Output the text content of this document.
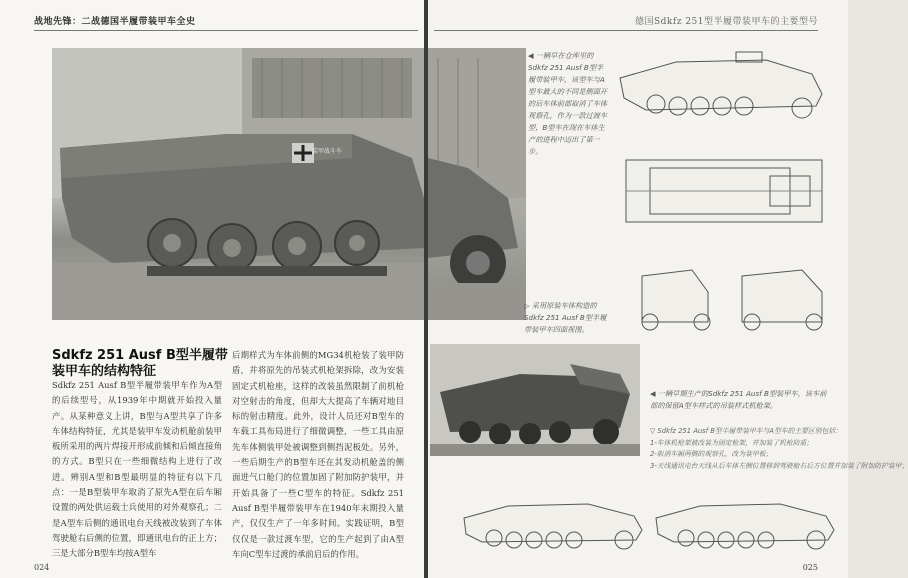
战地先锋：二战德国半履带装甲车全史
装甲战斗车
Sdkfz 251 Ausf B型半履带装甲车的结构特征
Sdkfz 251 Ausf B型半履带装甲车作为A型的后续型号，从1939年中期就开始投入量产。从某种意义上讲，B型与A型共享了许多车体结构特征，尤其是装甲车发动机舱前装甲板所采用的两片焊接开形成前倾和后倾直接角的方式。B型只在一些细微结构上进行了改进。辨别A型和B型最明显的特征有以下几点：一是B型装甲车取消了原先A型在后车厢设置的两处供运载士兵使用的对外观察孔；二是A型车后侧的通讯电台天线被改装到了车体驾驶舱右后侧的位置，即通讯电台的正上方；三是大部分B型车均按A型车
后期样式为车体前侧的MG34机枪装了装甲防盾，并将原先的吊装式机枪架拆除，改为安装固定式机枪座，这样的改装虽然限制了前机枪对空射击的角度，但却大大提高了车辆对地目标的射击精度。此外，设计人员还对B型车的车载工具布局进行了细微调整，一些工具由原先车体侧装甲处被调整到侧挡泥板处。另外，一些后期生产的B型车还在其发动机舱盖的侧面进气口舱门的位置加固了附加防护装甲，并开始具备了一些C型车的特征。Sdkfz 251 Ausf B型半履带装甲车在1940年末期投入量产，仅仅生产了一年多时间。实践证明，B型仅仅是一款过渡车型，它的生产起到了由A型车向C型车过渡的承前启后的作用。
024
德国Sdkfz 251型半履带装甲车的主要型号
◀ 一辆早在仓库里的Sdkfz 251 Ausf B型半履带装甲车，该型车与A型车最大的不同是侧面开的后车体前部取消了车体观察孔，作为一款过渡车型，B型车在现在车体生产的进程中迈出了第一步。
▷ 采用原装车体构造的Sdkfz 251 Ausf B型半履带装甲车四面视图。
◀ 一辆早期生产的Sdkfz 251 Ausf B型装甲车，该车前部的保留A型车样式的吊装样式机枪架。
▽ Sdkfz 251 Ausf B型半履带装甲车与A型车的主要区别包括：
1-车体机枪架被改装为固定枪架，并加装了机枪防盾；
2-取消车厢两侧的观察孔，改为装甲板；
3-天线通讯电台天线从后车体左侧位置移到驾驶舱右后方位置并加装了附加防护装甲；
025
